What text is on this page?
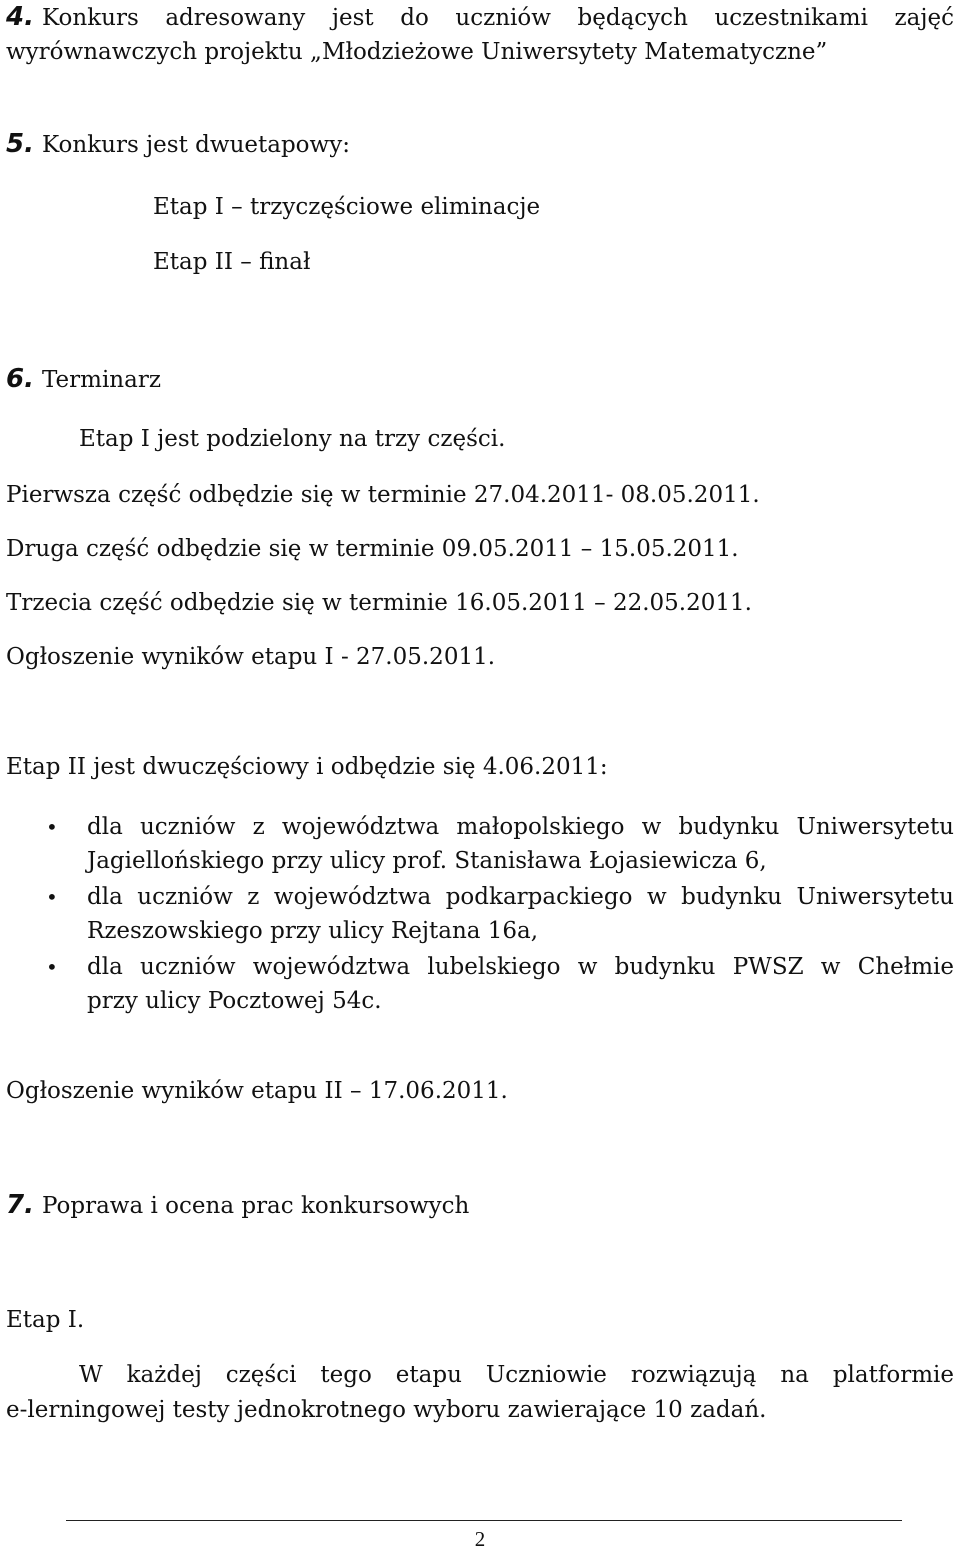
4. Konkurs adresowany jest do uczniów będących uczestnikami zajęć

wyrównawczych projektu „Młodzieżowe Uniwersytety Matematyczne”

5. Konkurs jest dwuetapowy:

Etap I – trzyczęściowe eliminacje

Etap II – finał

6. Terminarz

Etap I jest podzielony na trzy części.

Pierwsza część odbędzie się w terminie 27.04.2011- 08.05.2011.

Druga część odbędzie się w terminie 09.05.2011 – 15.05.2011.

Trzecia część odbędzie się w terminie 16.05.2011 – 22.05.2011.

Ogłoszenie wyników etapu I - 27.05.2011.

Etap II jest dwuczęściowy i odbędzie się 4.06.2011:

• dla uczniów z województwa małopolskiego w budynku Uniwersytetu

Jagiellońskiego przy ulicy prof. Stanisława Łojasiewicza 6,

• dla uczniów z województwa podkarpackiego w budynku Uniwersytetu

Rzeszowskiego przy ulicy Rejtana 16a,

• dla uczniów województwa lubelskiego w budynku PWSZ w Chełmie

przy ulicy Pocztowej 54c.

Ogłoszenie wyników etapu II – 17.06.2011.

7. Poprawa i ocena prac konkursowych

Etap I.

W każdej części tego etapu Uczniowie rozwiązują na platformie

e-lerningowej testy jednokrotnego wyboru zawierające 10 zadań.

2
